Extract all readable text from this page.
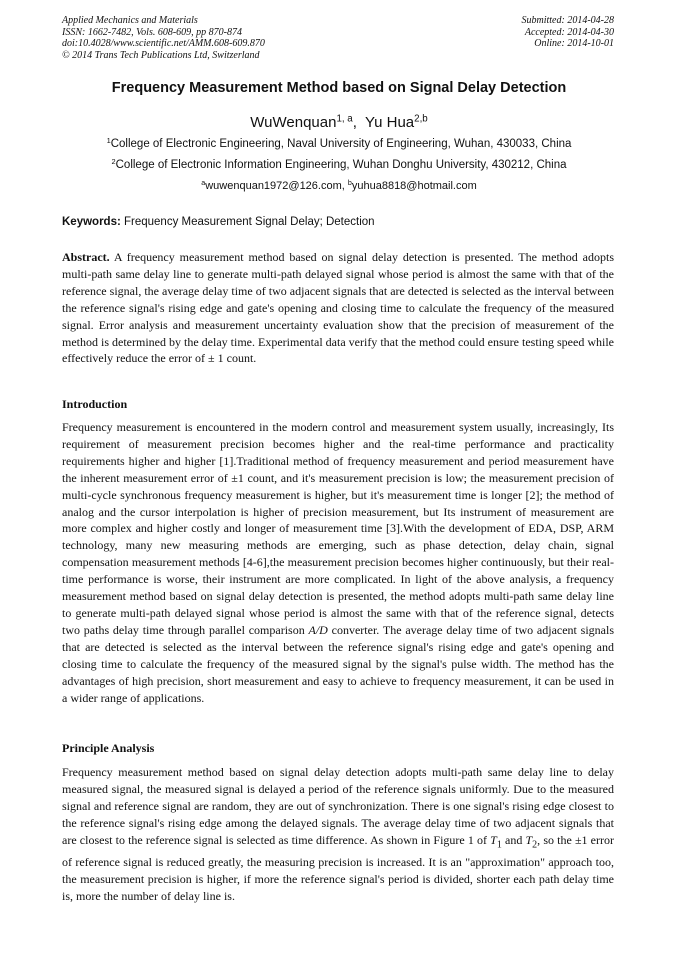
Applied Mechanics and Materials
ISSN: 1662-7482, Vols. 608-609, pp 870-874
doi:10.4028/www.scientific.net/AMM.608-609.870
© 2014 Trans Tech Publications Ltd, Switzerland
Submitted: 2014-04-28
Accepted: 2014-04-30
Online: 2014-10-01
Frequency Measurement Method based on Signal Delay Detection
WuWenquan$^{1, a}$,  Yu Hua$^{2,b}$
$^1$College of Electronic Engineering, Naval University of Engineering, Wuhan, 430033, China
$^2$College of Electronic Information Engineering, Wuhan Donghu University, 430212, China
$^a$wuwenquan1972@126.com, $^b$yuhua8818@hotmail.com
Keywords: Frequency Measurement Signal Delay; Detection

Abstract. A frequency measurement method based on signal delay detection is presented. The method adopts multi-path same delay line to generate multi-path delayed signal whose period is almost the same with that of the reference signal, the average delay time of two adjacent signals that are detected is selected as the interval between the reference signal's rising edge and gate's opening and closing time to calculate the frequency of the measured signal. Error analysis and measurement uncertainty evaluation show that the precision of measurement of the method is determined by the delay time. Experimental data verify that the method could ensure testing speed while effectively reduce the error of ± 1 count.

Introduction

Frequency measurement is encountered in the modern control and measurement system usually, increasingly, Its requirement of measurement precision becomes higher and the real-time performance and practicality requirements higher and higher [1].Traditional method of frequency measurement and period measurement have the inherent measurement error of ±1 count, and it's measurement precision is low; the measurement precision of multi-cycle synchronous frequency measurement is higher, but it's measurement time is longer [2]; the method of analog and the cursor interpolation is higher of precision measurement, but Its instrument of measurement are more complex and higher costly and longer of measurement time [3].With the development of EDA, DSP, ARM technology, many new measuring methods are emerging, such as phase detection, delay chain, signal compensation measurement methods [4-6],the measurement precision becomes higher continuously, but their real-time performance is worse, their instrument are more complicated. In light of the above analysis, a frequency measurement method based on signal delay detection is presented, the method adopts multi-path same delay line to generate multi-path delayed signal whose period is almost the same with that of the reference signal, detects two paths delay time through parallel comparison A/D converter. The average delay time of two adjacent signals that are detected is selected as the interval between the reference signal's rising edge and gate's opening and closing time to calculate the frequency of the measured signal by the signal's pulse width. The method has the advantages of high precision, short measurement and easy to achieve to frequency measurement, it can be used in a wider range of applications.

Principle Analysis

Frequency measurement method based on signal delay detection adopts multi-path same delay line to delay measured signal, the measured signal is delayed a period of the reference signals uniformly. Due to the measured signal and reference signal are random, they are out of synchronization. There is one signal's rising edge closest to the reference signal's rising edge among the delayed signals. The average delay time of two adjacent signals that are closest to the reference signal is selected as time difference. As shown in Figure 1 of $T_1$ and $T_2$, so the ±1 error of reference signal is reduced greatly, the measuring precision is increased. It is an "approximation" approach too, the measurement precision is higher, if more the reference signal's period is divided, shorter each path delay time is, more the number of delay line is.
